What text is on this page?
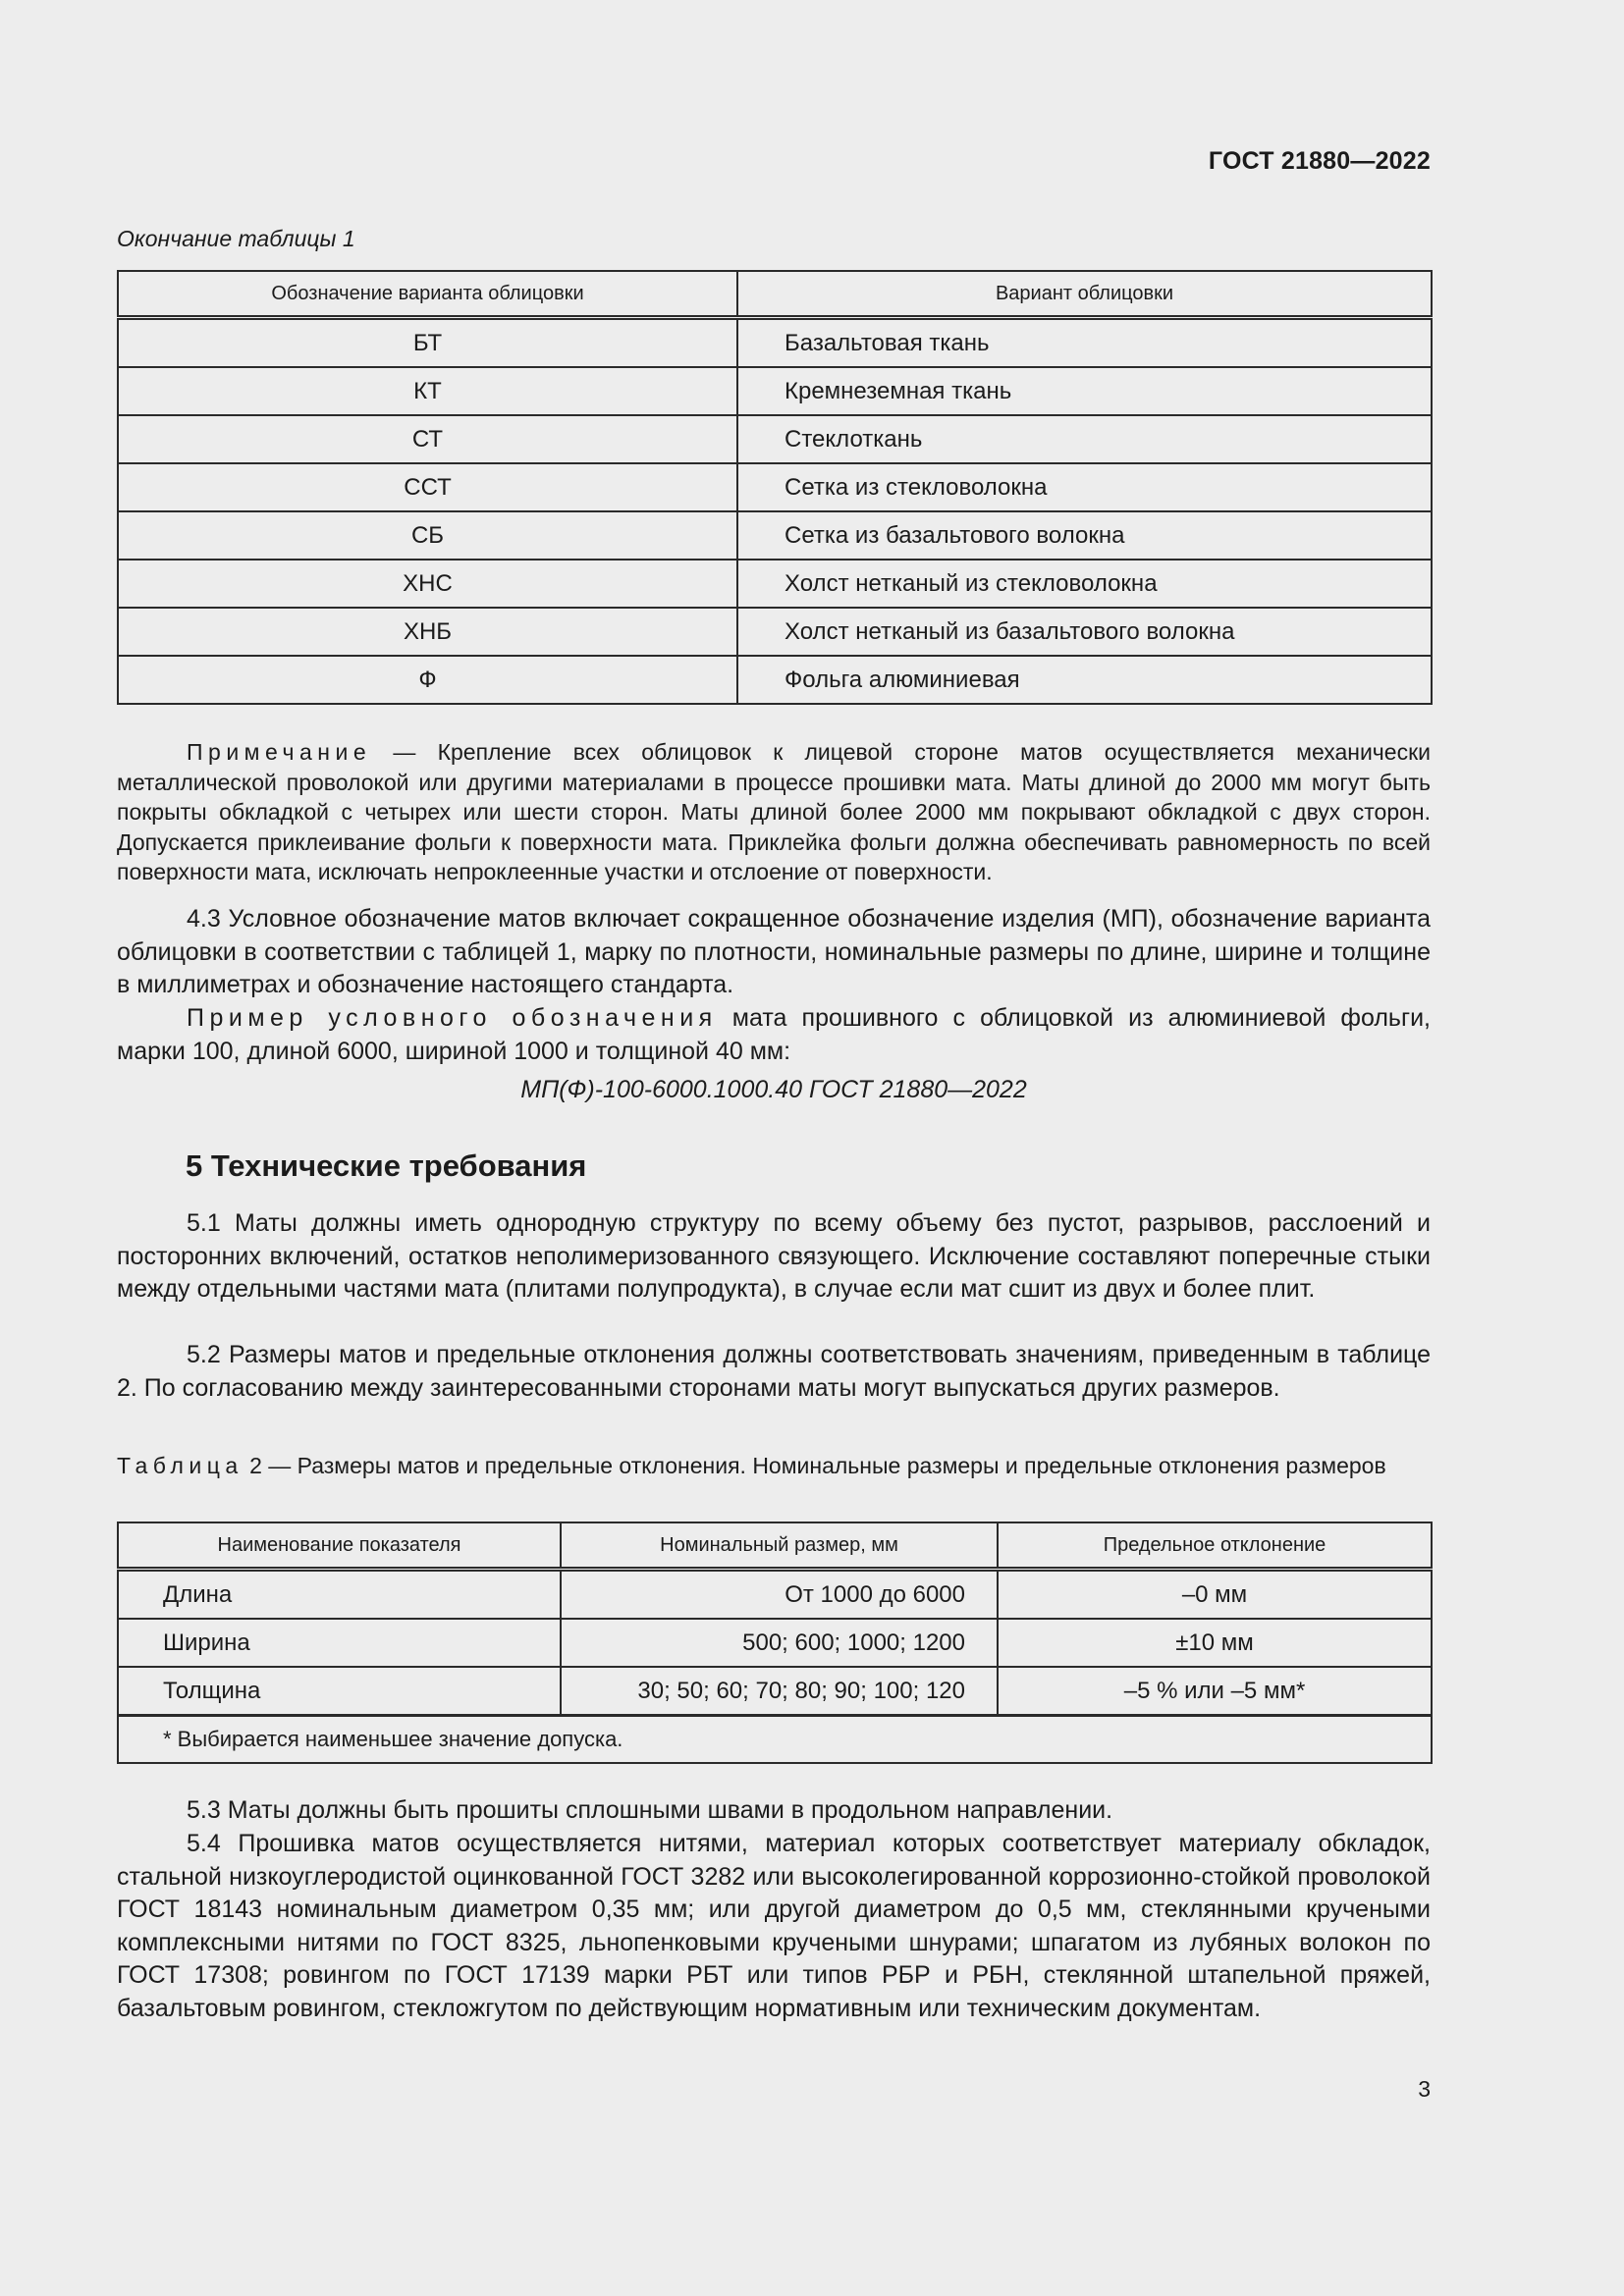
ГОСТ 21880—2022
Окончание таблицы 1
Обозначение варианта облицовки	Вариант облицовки
БТ	Базальтовая ткань
КТ	Кремнеземная ткань
СТ	Стеклоткань
ССТ	Сетка из стекловолокна
СБ	Сетка из базальтового волокна
ХНС	Холст нетканый из стекловолокна
ХНБ	Холст нетканый из базальтового волокна
Ф	Фольга алюминиевая
Примечание — Крепление всех облицовок к лицевой стороне матов осуществляется механически металлической проволокой или другими материалами в процессе прошивки мата. Маты длиной до 2000 мм могут быть покрыты обкладкой с четырех или шести сторон. Маты длиной более 2000 мм покрывают обкладкой с двух сторон. Допускается приклеивание фольги к поверхности мата. Приклейка фольги должна обеспечивать равномерность по всей поверхности мата, исключать непроклеенные участки и отслоение от поверхности.
4.3 Условное обозначение матов включает сокращенное обозначение изделия (МП), обозначение варианта облицовки в соответствии с таблицей 1, марку по плотности, номинальные размеры по длине, ширине и толщине в миллиметрах и обозначение настоящего стандарта.
Пример условного обозначения мата прошивного с облицовкой из алюминиевой фольги, марки 100, длиной 6000, шириной 1000 и толщиной 40 мм:
МП(Ф)-100-6000.1000.40 ГОСТ 21880—2022
5 Технические требования
5.1 Маты должны иметь однородную структуру по всему объему без пустот, разрывов, расслоений и посторонних включений, остатков неполимеризованного связующего. Исключение составляют поперечные стыки между отдельными частями мата (плитами полупродукта), в случае если мат сшит из двух и более плит.
5.2 Размеры матов и предельные отклонения должны соответствовать значениям, приведенным в таблице 2. По согласованию между заинтересованными сторонами маты могут выпускаться других размеров.
Таблица 2 — Размеры матов и предельные отклонения. Номинальные размеры и предельные отклонения размеров
Наименование показателя	Номинальный размер, мм	Предельное отклонение
Длина	От 1000 до 6000	–0 мм
Ширина	500; 600; 1000; 1200	±10 мм
Толщина	30; 50; 60; 70; 80; 90; 100; 120	–5 % или –5 мм*
* Выбирается наименьшее значение допуска.		
5.3 Маты должны быть прошиты сплошными швами в продольном направлении.
5.4 Прошивка матов осуществляется нитями, материал которых соответствует материалу обкладок, стальной низкоуглеродистой оцинкованной ГОСТ 3282 или высоколегированной коррозионно-стойкой проволокой ГОСТ 18143 номинальным диаметром 0,35 мм; или другой диаметром до 0,5 мм, стеклянными кручеными комплексными нитями по ГОСТ 8325, льнопенковыми кручеными шнурами; шпагатом из лубяных волокон по ГОСТ 17308; ровингом по ГОСТ 17139 марки РБТ или типов РБР и РБН, стеклянной штапельной пряжей, базальтовым ровингом, стекложгутом по действующим нормативным или техническим документам.
3
